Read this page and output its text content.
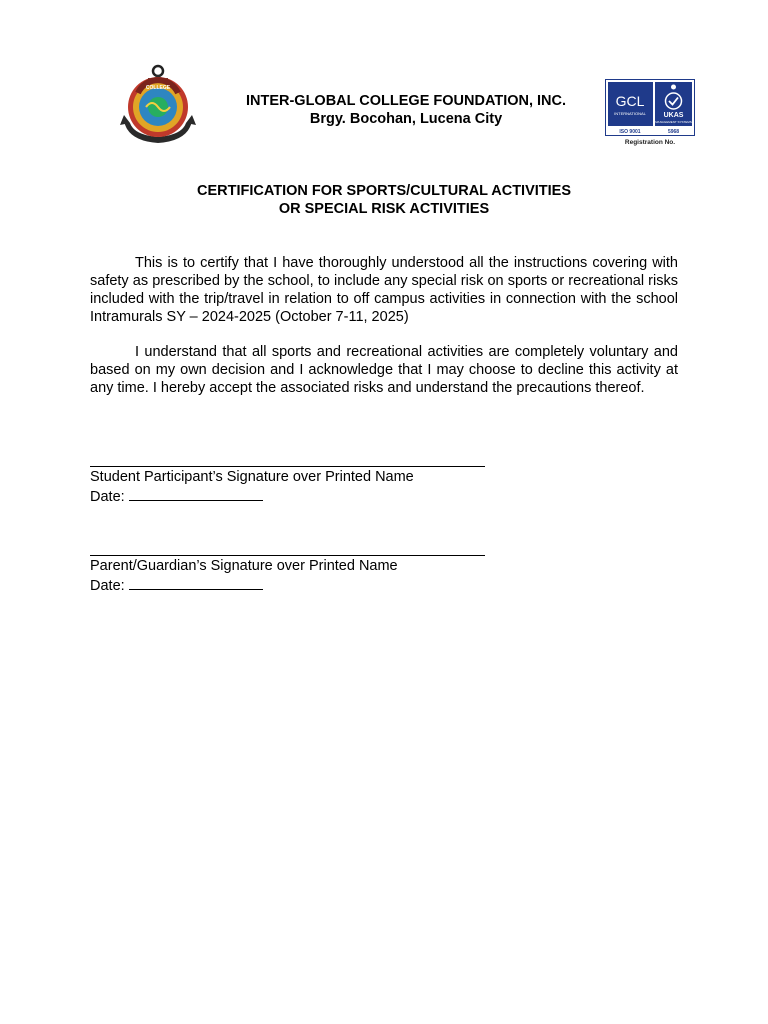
COLLEGE
INTER-GLOBAL COLLEGE FOUNDATION, INC.
Brgy. Bocohan, Lucena City
GCL
INTERNATIONAL	UKAS
MANAGEMENT SYSTEMS
ISO 9001	5968
Registration No.
CERTIFICATION FOR SPORTS/CULTURAL ACTIVITIES
OR SPECIAL RISK ACTIVITIES
This is to certify that I have thoroughly understood all the instructions covering with safety as prescribed by the school, to include any special risk on sports or recreational risks included with the trip/travel in relation to off campus activities in connection with the school Intramurals SY – 2024-2025 (October 7-11, 2025)
I understand that all sports and recreational activities are completely voluntary and based on my own decision and I acknowledge that I may choose to decline this activity at any time. I hereby accept the associated risks and understand the precautions thereof.
Student Participant’s Signature over Printed Name
Date:
Parent/Guardian’s Signature over Printed Name
Date:
